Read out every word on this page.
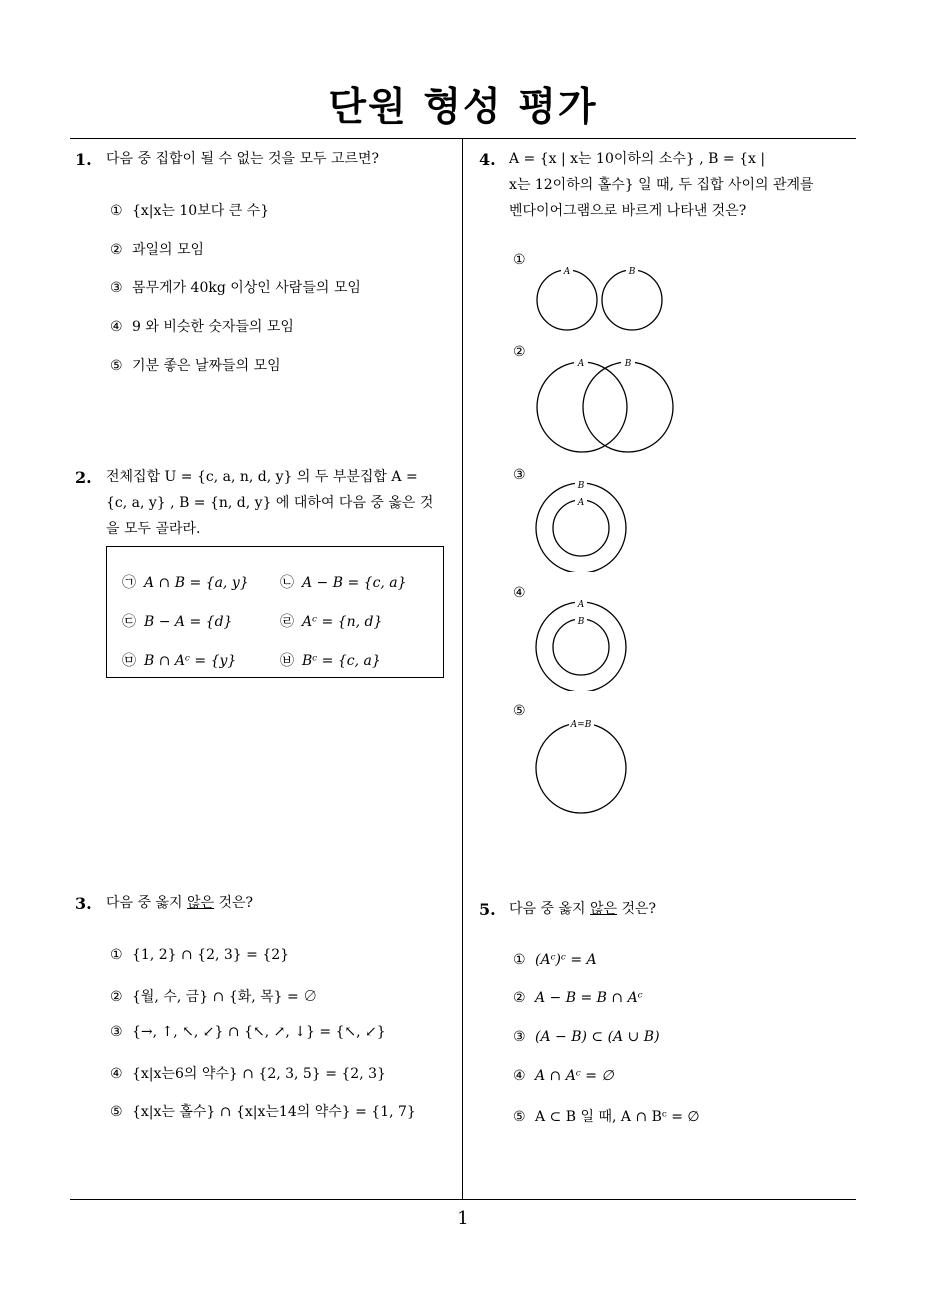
단원 형성 평가
1
1. 다음 중 집합이 될 수 없는 것을 모두 고르면?
① {x|x는 10보다 큰 수}
② 과일의 모임
③ 몸무게가 40kg 이상인 사람들의 모임
④ 9 와 비슷한 숫자들의 모임
⑤ 기분 좋은 날짜들의 모임
2. 전체집합 U = {c, a, n, d, y} 의 두 부분집합 A =
{c, a, y} , B = {n, d, y} 에 대하여 다음 중 옳은 것
을 모두 골라라.
㉠ A ∩ B = {a, y} ㉡ A − B = {c, a}
㉢ B − A = {d}	㉣ Aᶜ = {n, d}
㉤ B ∩ Aᶜ = {y}	㉥ Bᶜ = {c, a}
3. 다음 중 옳지 않은 것은?
① {1, 2} ∩ {2, 3} = {2}
② {월, 수, 금} ∩ {화, 목} = ∅
③ {→, ↑, ↖, ↙} ∩ {↖, ↗, ↓} = {↖, ↙}
④ {x|x는6의 약수} ∩ {2, 3, 5} = {2, 3}
⑤ {x|x는 홀수} ∩ {x|x는14의 약수} = {1, 7}
4. A = {x | x는 10이하의 소수} , B = {x |
x는 12이하의 홀수} 일 때, 두 집합 사이의 관계를
벤다이어그램으로 바르게 나타낸 것은?
①
A	B
②
A	B
③
B
A
④
A
B
⑤
A=B
5. 다음 중 옳지 않은 것은?
① (Aᶜ)ᶜ = A
② A − B = B ∩ Aᶜ
③ (A − B) ⊂ (A ∪ B)
④ A ∩ Aᶜ = ∅
⑤ A ⊂ B 일 때, A ∩ Bᶜ = ∅
